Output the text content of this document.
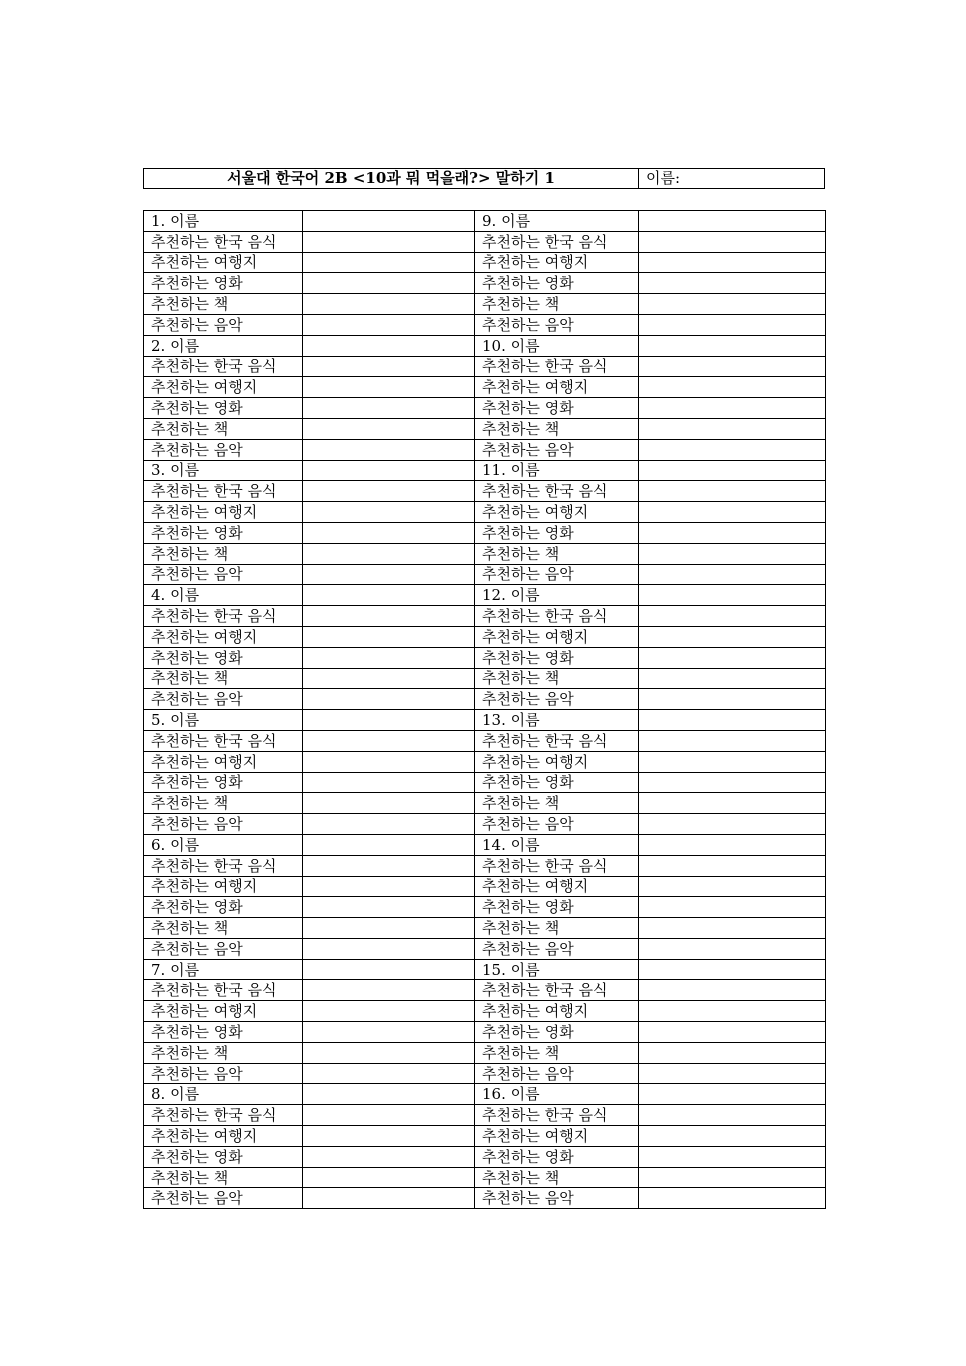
서울대 한국어 2B <10과 뭐 먹을래?> 말하기 1	이름:
1. 이름		9. 이름	
추천하는 한국 음식		추천하는 한국 음식	
추천하는 여행지		추천하는 여행지	
추천하는 영화		추천하는 영화	
추천하는 책		추천하는 책	
추천하는 음악		추천하는 음악	
2. 이름		10. 이름	
추천하는 한국 음식		추천하는 한국 음식	
추천하는 여행지		추천하는 여행지	
추천하는 영화		추천하는 영화	
추천하는 책		추천하는 책	
추천하는 음악		추천하는 음악	
3. 이름		11. 이름	
추천하는 한국 음식		추천하는 한국 음식	
추천하는 여행지		추천하는 여행지	
추천하는 영화		추천하는 영화	
추천하는 책		추천하는 책	
추천하는 음악		추천하는 음악	
4. 이름		12. 이름	
추천하는 한국 음식		추천하는 한국 음식	
추천하는 여행지		추천하는 여행지	
추천하는 영화		추천하는 영화	
추천하는 책		추천하는 책	
추천하는 음악		추천하는 음악	
5. 이름		13. 이름	
추천하는 한국 음식		추천하는 한국 음식	
추천하는 여행지		추천하는 여행지	
추천하는 영화		추천하는 영화	
추천하는 책		추천하는 책	
추천하는 음악		추천하는 음악	
6. 이름		14. 이름	
추천하는 한국 음식		추천하는 한국 음식	
추천하는 여행지		추천하는 여행지	
추천하는 영화		추천하는 영화	
추천하는 책		추천하는 책	
추천하는 음악		추천하는 음악	
7. 이름		15. 이름	
추천하는 한국 음식		추천하는 한국 음식	
추천하는 여행지		추천하는 여행지	
추천하는 영화		추천하는 영화	
추천하는 책		추천하는 책	
추천하는 음악		추천하는 음악	
8. 이름		16. 이름	
추천하는 한국 음식		추천하는 한국 음식	
추천하는 여행지		추천하는 여행지	
추천하는 영화		추천하는 영화	
추천하는 책		추천하는 책	
추천하는 음악		추천하는 음악	
